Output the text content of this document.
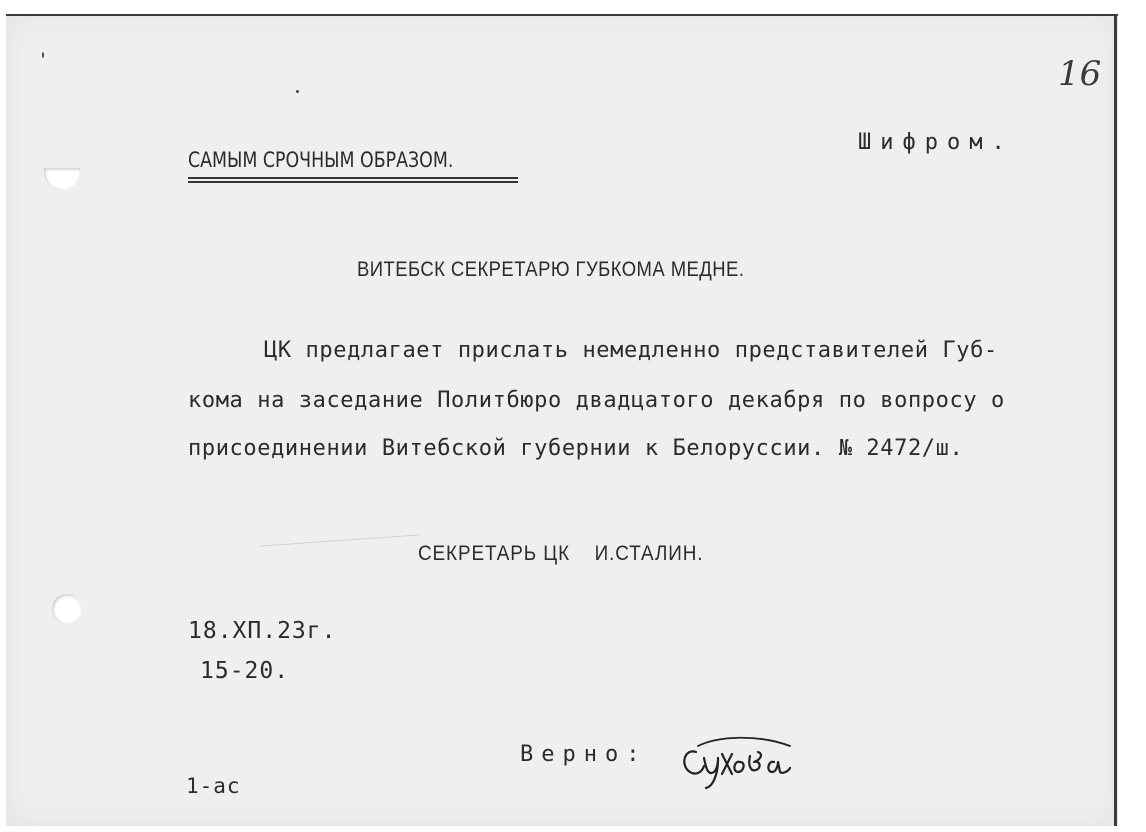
16
Шифром.
САМЫМ СРОЧНЫМ ОБРАЗОМ.
ВИТЕБСК СЕКРЕТАРЮ ГУБКОМА МЕДНЕ.
ЦК предлагает прислать немедленно представителей Губ-
кома на заседание Политбюро двадцатого декабря по вопросу о
присоединении Витебской губернии к Белоруссии. № 2472/ш.
СЕКРЕТАРЬ ЦК    И.СТАЛИН.
18.XП.23г.
15-20.
Верно:
1-ас
